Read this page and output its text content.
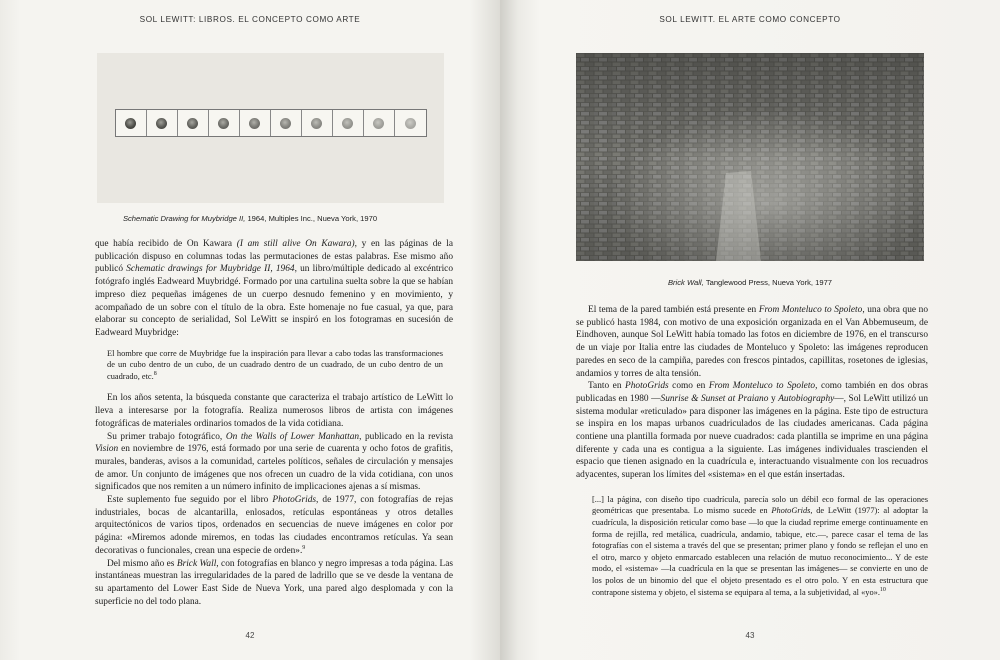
SOL LEWITT: LIBROS. EL CONCEPTO COMO ARTE
Schematic Drawing for Muybridge II, 1964, Multiples Inc., Nueva York, 1970

que había recibido de On Kawara (I am still alive On Kawara), y en las páginas de la publicación dispuso en columnas todas las permutaciones de estas palabras. Ese mismo año publicó Schematic drawings for Muybridge II, 1964, un libro/múltiple dedicado al excéntrico fotógrafo inglés Eadweard Muybridgé. Formado por una cartulina suelta sobre la que se habían impreso diez pequeñas imágenes de un cuerpo desnudo femenino y en movimiento, y acompañado de un sobre con el título de la obra. Este homenaje no fue casual, ya que, para elaborar su concepto de serialidad, Sol LeWitt se inspiró en los fotogramas en sucesión de Eadweard Muybridge:

El hombre que corre de Muybridge fue la inspiración para llevar a cabo todas las transformaciones de un cubo dentro de un cubo, de un cuadrado dentro de un cuadrado, de un cubo dentro de un cuadrado, etc.$^8$

En los años setenta, la búsqueda constante que caracteriza el trabajo artístico de LeWitt lo lleva a interesarse por la fotografía. Realiza numerosos libros de artista con imágenes fotográficas de materiales ordinarios tomados de la vida cotidiana.

Su primer trabajo fotográfico, On the Walls of Lower Manhattan, publicado en la revista Vision en noviembre de 1976, está formado por una serie de cuarenta y ocho fotos de grafitis, murales, banderas, avisos a la comunidad, carteles políticos, señales de circulación y mensajes de amor. Un conjunto de imágenes que nos ofrecen un cuadro de la vida cotidiana, con unos significados que nos remiten a un número infinito de implicaciones ajenas a sí mismas.

Este suplemento fue seguido por el libro PhotoGrids, de 1977, con fotografías de rejas industriales, bocas de alcantarilla, enlosados, retículas espontáneas y otros detalles arquitectónicos de varios tipos, ordenados en secuencias de nueve imágenes en color por página: «Miremos adonde miremos, en todas las ciudades encontramos retículas. Ya sean decorativas o funcionales, crean una especie de orden».$^9$

Del mismo año es Brick Wall, con fotografías en blanco y negro impresas a toda página. Las instantáneas muestran las irregularidades de la pared de ladrillo que se ve desde la ventana de su apartamento del Lower East Side de Nueva York, una pared algo desplomada y con la superficie no del todo plana.

42
SOL LEWITT. EL ARTE COMO CONCEPTO
Brick Wall, Tanglewood Press, Nueva York, 1977

El tema de la pared también está presente en From Monteluco to Spoleto, una obra que no se publicó hasta 1984, con motivo de una exposición organizada en el Van Abbemuseum, de Eindhoven, aunque Sol LeWitt había tomado las fotos en diciembre de 1976, en el transcurso de un viaje por Italia entre las ciudades de Monteluco y Spoleto: las imágenes reproducen paredes en seco de la campiña, paredes con frescos pintados, capillitas, rosetones de iglesias, andamios y torres de alta tensión.

Tanto en PhotoGrids como en From Monteluco to Spoleto, como también en dos obras publicadas en 1980 —Sunrise & Sunset at Praiano y Autobiography—, Sol LeWitt utilizó un sistema modular «reticulado» para disponer las imágenes en la página. Este tipo de estructura se inspira en los mapas urbanos cuadriculados de las ciudades americanas. Cada página contiene una plantilla formada por nueve cuadrados: cada plantilla se imprime en una página diferente y cada una es contigua a la siguiente. Las imágenes individuales trascienden el espacio que tienen asignado en la cuadrícula e, interactuando visualmente con los recuadros adyacentes, superan los límites del «sistema» en el que están insertadas.

[...] la página, con diseño tipo cuadrícula, parecía solo un débil eco formal de las operaciones geométricas que presentaba. Lo mismo sucede en PhotoGrids, de LeWitt (1977): al adoptar la cuadrícula, la disposición reticular como base —lo que la ciudad reprime emerge continuamente en forma de rejilla, red metálica, cuadrícula, andamio, tabique, etc.—, parece casar el tema de las fotografías con el sistema a través del que se presentan; primer plano y fondo se reflejan el uno en el otro, marco y objeto enmarcado establecen una relación de mutuo reconocimiento... Y de este modo, el «sistema» —la cuadrícula en la que se presentan las imágenes— se convierte en uno de los polos de un binomio del que el objeto presentado es el otro polo. Y en esta estructura que contrapone sistema y objeto, el sistema se equipara al tema, a la subjetividad, al «yo».$^{10}$
43
